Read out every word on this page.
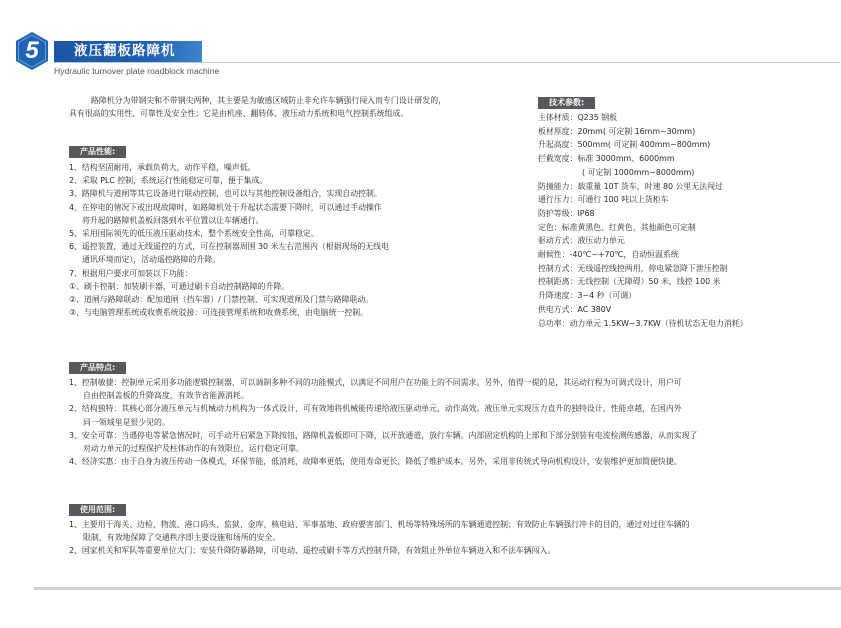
5	液压翻板路障机
Hydraulic turnover plate roadblock machine
路障机分为带钢尖和不带钢尖两种，其主要是为敏感区域防止非允许车辆强行闯入而专门设计研发的，
具有很高的实用性、可靠性及安全性；它是由机座、翻转体、液压动力系统和电气控制系统组成。
产品性能:
1、结构坚固耐用，承载负荷大，动作平稳，噪声低。
2、采取 PLC 控制，系统运行性能稳定可靠，便于集成。
3、路障机与道闸等其它设备进行联动控制，也可以与其他控制设备组合，实现自动控制。
4、在停电的情况下或出现故障时，如路障机处于升起状态需要下降时，可以通过手动操作
将升起的路障机盖板回落到水平位置以让车辆通行。
5、采用国际领先的低压液压驱动技术，整个系统安全性高，可靠稳定。
6、遥控装置，通过无线遥控的方式，可在控制器周围 30 米左右范围内（根据现场的无线电
通讯环境而定），活动遥控路障的升降。
7、根据用户要求可加装以下功能：
①、刷卡控制：加装刷卡器，可通过刷卡自动控制路障的升降。
②、道闸与路障联动：配加道闸（挡车器）/ 门禁控制、可实现道闸及门禁与路障联动。
③、与电脑管理系统或收费系统驳接：可连接管理系统和收费系统，由电脑统一控制。
技术参数:
主体材质：Q235 钢板
板材厚度：20mm( 可定制 16mm~30mm)
升起高度：500mm( 可定制 400mm~800mm)
拦截宽度：标准 3000mm、6000mm
( 可定制 1000mm~8000mm)
防撞能力：载重量 10T 货车，时速 80 公里无法闯过
通行压力：可通行 100 吨以上货柜车
防护等级：IP68
定色：标准黄黑色、红黄色，其他颜色可定制
驱动方式：液压动力单元
耐候性：-40℃~+70℃，自动恒温系统
控制方式：无线遥控线控两用，停电紧急降下泄压控制
控制距离：无线控制（无障碍）50 米，线控 100 米
升降速度：3~4 秒（可调）
供电方式：AC 380V
总功率：动力单元 1.5KW~3.7KW（待机状态无电力消耗）
产品特点:
1、控制敏捷：控制单元采用多功能逻辑控制器，可以调制多种不同的功能模式，以满足不同用户在功能上的不同需求。另外，值得一提的是，其运动行程为可调式设计，用户可
自由控制盖板的升降高度，有效节省能源消耗。
2、结构独特：其核心部分液压单元与机械动力机构为一体式设计，可有效地将机械能传递给液压驱动单元，动作高效。液压单元实现压力直升的独特设计，性能卓越，在国内外
同一领域里是很少见的。
3、安全可靠：当遇停电等紧急情况时，可手动开启紧急下降按钮，路障机盖板即可下降，以开放通道，放行车辆。内部固定机构的上部和下部分别装有电流检测传感器，从而实现了
对动力单元的过程保护及柱体动作的有效限位，运行稳定可靠。
4、经济实惠：由于自身为液压传动一体模式，环保节能，低消耗，故障率更低，使用寿命更长，降低了维护成本。另外，采用非传统式导向机构设计，安装维护更加简便快捷。
使用范围:
1、主要用于海关、边检、物流、港口码头、监狱、金库、核电站、军事基地、政府要害部门、机场等特殊场所的车辆通道控制；有效防止车辆强行冲卡的目的，通过对过往车辆的
限制，有效地保障了交通秩序即主要设施和场所的安全。
2、国家机关和军队等重要单位大门；安装升降防暴路障，可电动、遥控或刷卡等方式控制升降，有效阻止外单位车辆进入和不法车辆闯入。
